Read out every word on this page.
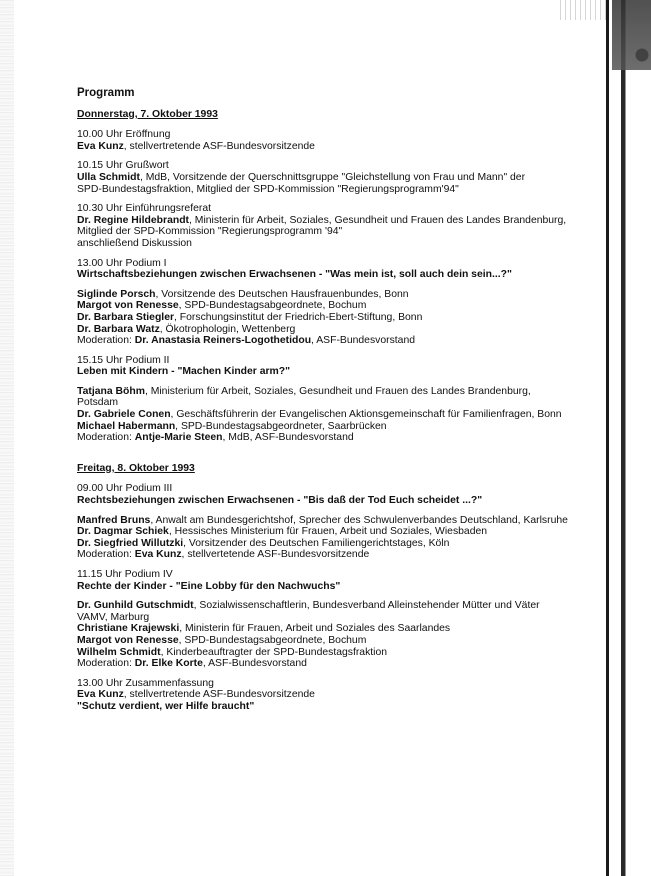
Programm
Donnerstag, 7. Oktober 1993

10.00 Uhr Eröffnung

Eva Kunz, stellvertretende ASF-Bundesvorsitzende

10.15 Uhr Grußwort

Ulla Schmidt, MdB, Vorsitzende der Querschnittsgruppe "Gleichstellung von Frau und Mann" der

SPD-Bundestagsfraktion, Mitglied der SPD-Kommission "Regierungsprogramm'94"

10.30 Uhr Einführungsreferat

Dr. Regine Hildebrandt, Ministerin für Arbeit, Soziales, Gesundheit und Frauen des Landes Brandenburg,

Mitglied der SPD-Kommission "Regierungsprogramm '94"

anschließend Diskussion

13.00 Uhr Podium I

Wirtschaftsbeziehungen zwischen Erwachsenen - "Was mein ist, soll auch dein sein...?"

Siglinde Porsch, Vorsitzende des Deutschen Hausfrauenbundes, Bonn

Margot von Renesse, SPD-Bundestagsabgeordnete, Bochum

Dr. Barbara Stiegler, Forschungsinstitut der Friedrich-Ebert-Stiftung, Bonn

Dr. Barbara Watz, Ökotrophologin, Wettenberg

Moderation: Dr. Anastasia Reiners-Logothetidou, ASF-Bundesvorstand

15.15 Uhr Podium II

Leben mit Kindern - "Machen Kinder arm?"

Tatjana Böhm, Ministerium für Arbeit, Soziales, Gesundheit und Frauen des Landes Brandenburg,

Potsdam

Dr. Gabriele Conen, Geschäftsführerin der Evangelischen Aktionsgemeinschaft für Familienfragen, Bonn

Michael Habermann, SPD-Bundestagsabgeordneter, Saarbrücken

Moderation: Antje-Marie Steen, MdB, ASF-Bundesvorstand

Freitag, 8. Oktober 1993

09.00 Uhr Podium III

Rechtsbeziehungen zwischen Erwachsenen - "Bis daß der Tod Euch scheidet ...?"

Manfred Bruns, Anwalt am Bundesgerichtshof, Sprecher des Schwulenverbandes Deutschland, Karlsruhe

Dr. Dagmar Schiek, Hessisches Ministerium für Frauen, Arbeit und Soziales, Wiesbaden

Dr. Siegfried Willutzki, Vorsitzender des Deutschen Familiengerichtstages, Köln

Moderation: Eva Kunz, stellvertetende ASF-Bundesvorsitzende

11.15 Uhr Podium IV

Rechte der Kinder - "Eine Lobby für den Nachwuchs"

Dr. Gunhild Gutschmidt, Sozialwissenschaftlerin, Bundesverband Alleinstehender Mütter und Väter

VAMV, Marburg

Christiane Krajewski, Ministerin für Frauen, Arbeit und Soziales des Saarlandes

Margot von Renesse, SPD-Bundestagsabgeordnete, Bochum

Wilhelm Schmidt, Kinderbeauftragter der SPD-Bundestagsfraktion

Moderation: Dr. Elke Korte, ASF-Bundesvorstand

13.00 Uhr Zusammenfassung

Eva Kunz, stellvertretende ASF-Bundesvorsitzende

"Schutz verdient, wer Hilfe braucht"
